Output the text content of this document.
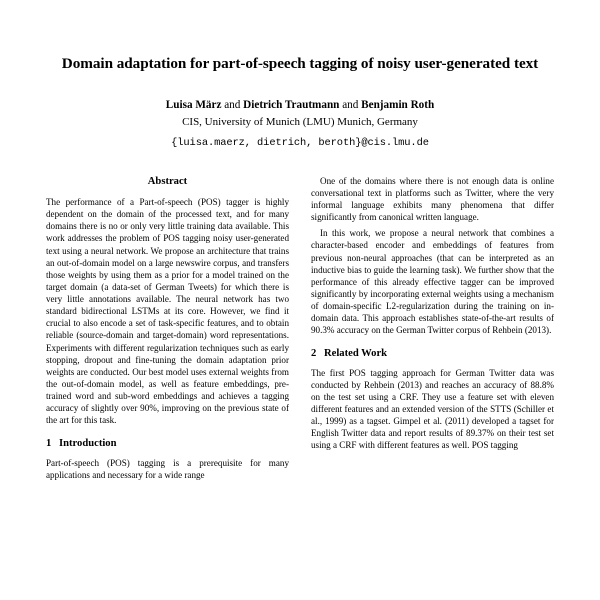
Domain adaptation for part-of-speech tagging of noisy user-generated text
Luisa März and Dietrich Trautmann and Benjamin Roth
CIS, University of Munich (LMU) Munich, Germany
{luisa.maerz, dietrich, beroth}@cis.lmu.de
Abstract

The performance of a Part-of-speech (POS) tagger is highly dependent on the domain of the processed text, and for many domains there is no or only very little training data available. This work addresses the problem of POS tagging noisy user-generated text using a neural network. We propose an architecture that trains an out-of-domain model on a large newswire corpus, and transfers those weights by using them as a prior for a model trained on the target domain (a data-set of German Tweets) for which there is very little annotations available. The neural network has two standard bidirectional LSTMs at its core. However, we find it crucial to also encode a set of task-specific features, and to obtain reliable (source-domain and target-domain) word representations. Experiments with different regularization techniques such as early stopping, dropout and fine-tuning the domain adaptation prior weights are conducted. Our best model uses external weights from the out-of-domain model, as well as feature embeddings, pre-trained word and sub-word embeddings and achieves a tagging accuracy of slightly over 90%, improving on the previous state of the art for this task.

1 Introduction

Part-of-speech (POS) tagging is a prerequisite for many applications and necessary for a wide range

One of the domains where there is not enough data is online conversational text in platforms such as Twitter, where the very informal language exhibits many phenomena that differ significantly from canonical written language.

In this work, we propose a neural network that combines a character-based encoder and embeddings of features from previous non-neural approaches (that can be interpreted as an inductive bias to guide the learning task). We further show that the performance of this already effective tagger can be improved significantly by incorporating external weights using a mechanism of domain-specific L2-regularization during the training on in-domain data. This approach establishes state-of-the-art results of 90.3% accuracy on the German Twitter corpus of Rehbein (2013).

2 Related Work

The first POS tagging approach for German Twitter data was conducted by Rehbein (2013) and reaches an accuracy of 88.8% on the test set using a CRF. They use a feature set with eleven different features and an extended version of the STTS (Schiller et al., 1999) as a tagset. Gimpel et al. (2011) developed a tagset for English Twitter data and report results of 89.37% on their test set using a CRF with different features as well. POS tagging
